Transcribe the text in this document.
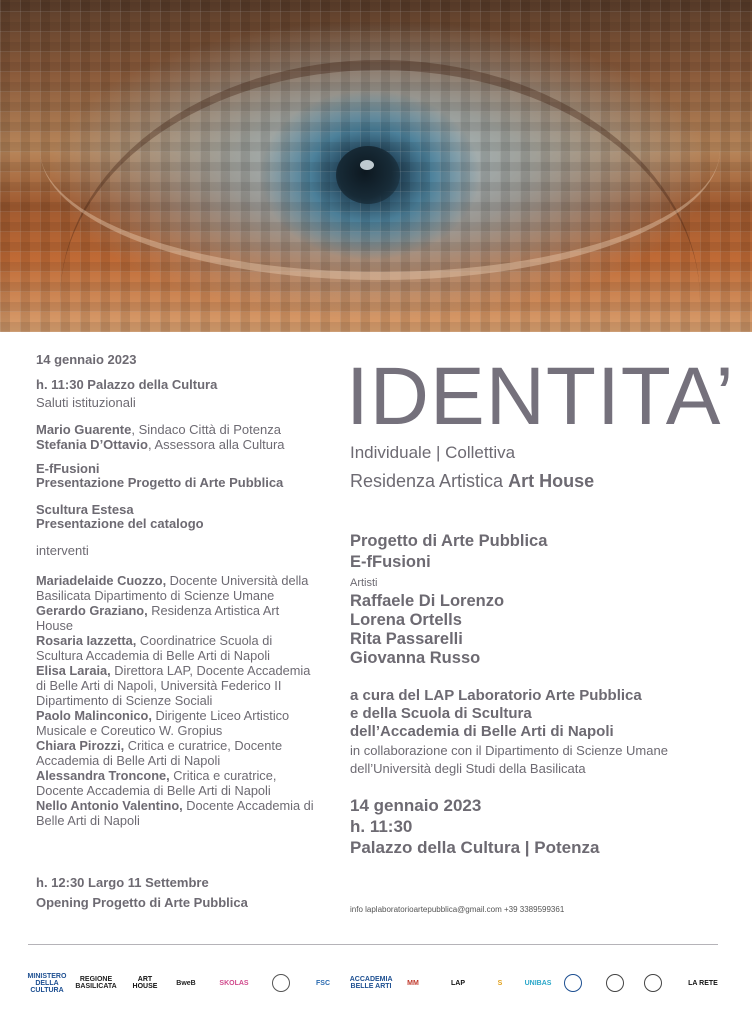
14 gennaio 2023
h. 11:30 Palazzo della Cultura
Saluti istituzionali
Mario Guarente, Sindaco Città di Potenza
Stefania D’Ottavio, Assessora alla Cultura
E-fFusioni
Presentazione Progetto di Arte Pubblica
Scultura Estesa
Presentazione del catalogo
interventi
Mariadelaide Cuozzo, Docente Università della Basilicata Dipartimento di Scienze Umane
Gerardo Graziano, Residenza Artistica Art House
Rosaria Iazzetta, Coordinatrice Scuola di Scultura Accademia di Belle Arti di Napoli
Elisa Laraia, Direttora LAP, Docente Accademia di Belle Arti di Napoli, Università Federico II Dipartimento di Scienze Sociali
Paolo Malinconico, Dirigente Liceo Artistico Musicale e Coreutico W. Gropius
Chiara Pirozzi, Critica e curatrice, Docente Accademia di Belle Arti di Napoli
Alessandra Troncone, Critica e curatrice, Docente Accademia di Belle Arti di Napoli
Nello Antonio Valentino, Docente Accademia di Belle Arti di Napoli
h. 12:30 Largo 11 Settembre
Opening Progetto di Arte Pubblica
IDENTITA’
Individuale | Collettiva
Residenza Artistica Art House
Progetto di Arte Pubblica
E-fFusioni
Artisti
Raffaele Di Lorenzo
Lorena Ortells
Rita Passarelli
Giovanna Russo
a cura del LAP Laboratorio Arte Pubblica
e della Scuola di Scultura
dell’Accademia di Belle Arti di Napoli
in collaborazione con il Dipartimento di Scienze Umane
dell’Università degli Studi della Basilicata
14 gennaio 2023
h. 11:30
Palazzo della Cultura | Potenza
info laplaboratorioartepubblica@gmail.com +39 3389599361
MINISTERO DELLA CULTURA
REGIONE BASILICATA
ART HOUSE	BweB	SKOLAS	FSC	ACCADEMIA BELLE ARTI	MM	LAP	S	UNIBAS	LA RETE
